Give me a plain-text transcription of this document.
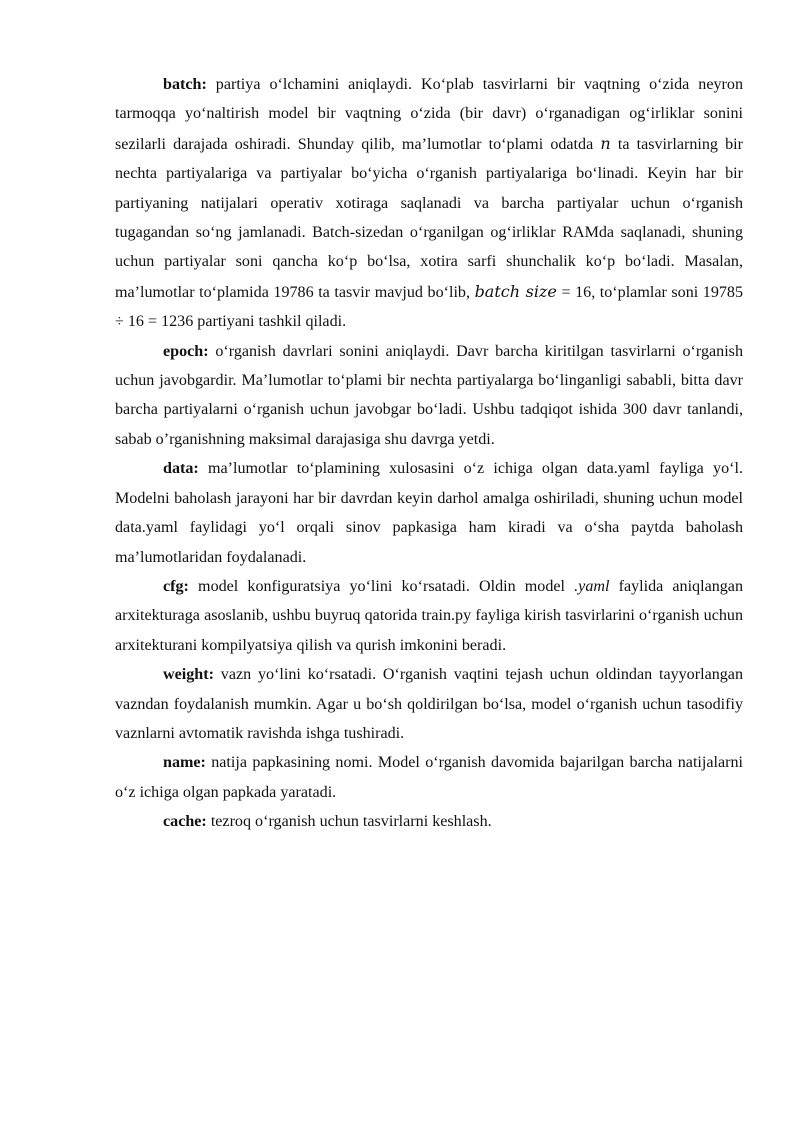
batch: partiya o‘lchamini aniqlaydi. Ko‘plab tasvirlarni bir vaqtning o‘zida neyron tarmoqqa yo‘naltirish model bir vaqtning o‘zida (bir davr) o‘rganadigan og‘irliklar sonini sezilarli darajada oshiradi. Shunday qilib, ma’lumotlar to‘plami odatda n ta tasvirlarning bir nechta partiyalariga va partiyalar bo‘yicha o‘rganish partiyalariga bo‘linadi. Keyin har bir partiyaning natijalari operativ xotiraga saqlanadi va barcha partiyalar uchun o‘rganish tugagandan so‘ng jamlanadi. Batch-sizedan o‘rganilgan og‘irliklar RAMda saqlanadi, shuning uchun partiyalar soni qancha ko‘p bo‘lsa, xotira sarfi shunchalik ko‘p bo‘ladi. Masalan, ma’lumotlar to‘plamida 19786 ta tasvir mavjud bo‘lib, batch size = 16, to‘plamlar soni 19785 ÷ 16 = 1236 partiyani tashkil qiladi.

epoch: o‘rganish davrlari sonini aniqlaydi. Davr barcha kiritilgan tasvirlarni o‘rganish uchun javobgardir. Ma’lumotlar to‘plami bir nechta partiyalarga bo‘linganligi sababli, bitta davr barcha partiyalarni o‘rganish uchun javobgar bo‘ladi. Ushbu tadqiqot ishida 300 davr tanlandi, sabab o’rganishning maksimal darajasiga shu davrga yetdi.

data: ma’lumotlar to‘plamining xulosasini o‘z ichiga olgan data.yaml fayliga yo‘l. Modelni baholash jarayoni har bir davrdan keyin darhol amalga oshiriladi, shuning uchun model data.yaml faylidagi yo‘l orqali sinov papkasiga ham kiradi va o‘sha paytda baholash ma’lumotlaridan foydalanadi.

cfg: model konfiguratsiya yo‘lini ko‘rsatadi. Oldin model .yaml faylida aniqlangan arxitekturaga asoslanib, ushbu buyruq qatorida train.py fayliga kirish tasvirlarini o‘rganish uchun arxitekturani kompilyatsiya qilish va qurish imkonini beradi.

weight: vazn yo‘lini ko‘rsatadi. O‘rganish vaqtini tejash uchun oldindan tayyorlangan vazndan foydalanish mumkin. Agar u bo‘sh qoldirilgan bo‘lsa, model o‘rganish uchun tasodifiy vaznlarni avtomatik ravishda ishga tushiradi.

name: natija papkasining nomi. Model o‘rganish davomida bajarilgan barcha natijalarni o‘z ichiga olgan papkada yaratadi.

cache: tezroq o‘rganish uchun tasvirlarni keshlash.
